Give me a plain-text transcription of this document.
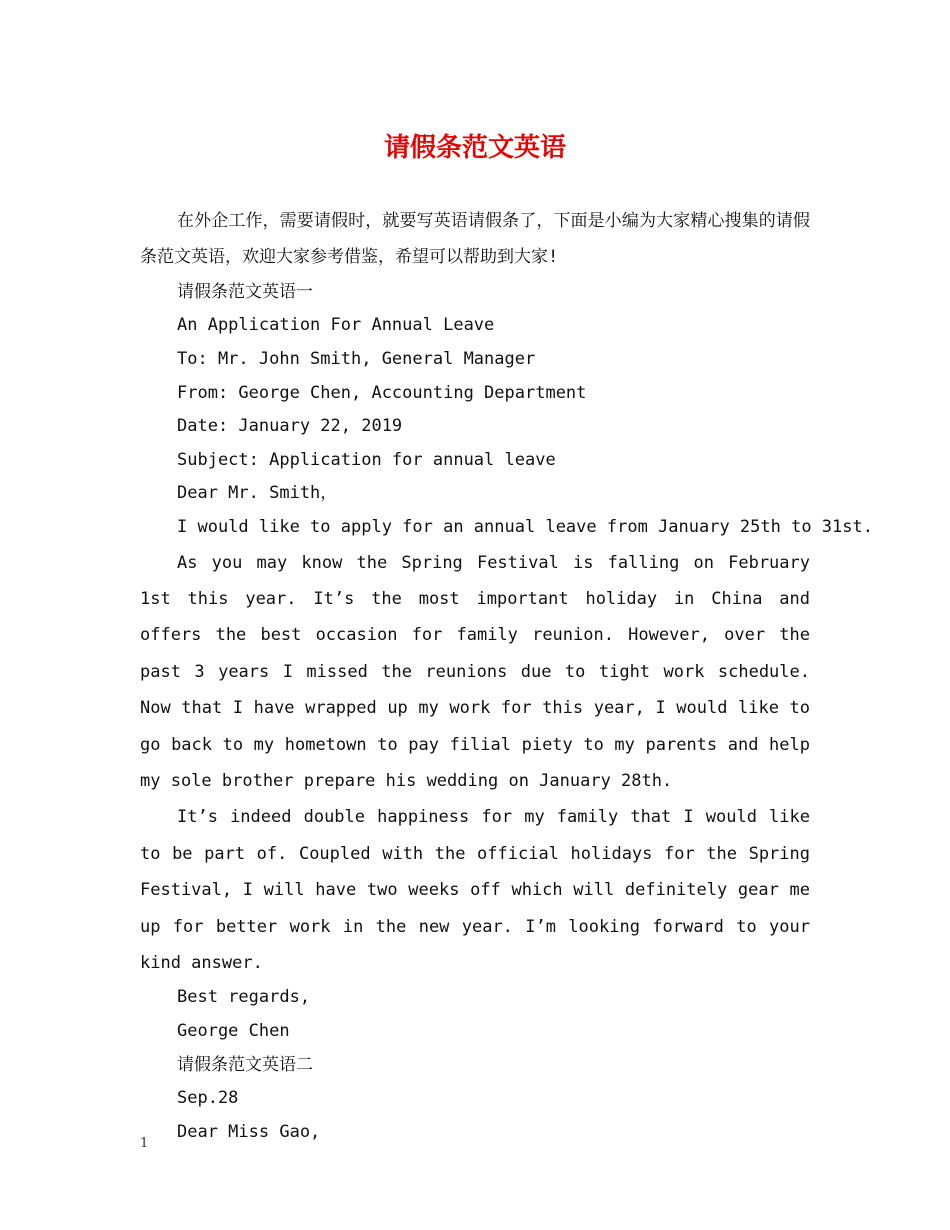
请假条范文英语

在外企工作，需要请假时，就要写英语请假条了，下面是小编为大家精心搜集的请假条范文英语，欢迎大家参考借鉴，希望可以帮助到大家!

请假条范文英语一

An Application For Annual Leave

To: Mr. John Smith, General Manager

From: George Chen, Accounting Department

Date: January 22, 2019

Subject: Application for annual leave

Dear Mr. Smith，

I would like to apply for an annual leave from January 25th to 31st.

As you may know the Spring Festival is falling on February 1st this year. It’s the most important holiday in China and offers the best occasion for family reunion. However, over the past 3 years I missed the reunions due to tight work schedule. Now that I have wrapped up my work for this year, I would like to go back to my hometown to pay filial piety to my parents and help my sole brother prepare his wedding on January 28th.

It’s indeed double happiness for my family that I would like to be part of. Coupled with the official holidays for the Spring Festival, I will have two weeks off which will definitely gear me up for better work in the new year. I’m looking forward to your kind answer.

Best regards,

George Chen

请假条范文英语二

Sep.28

Dear Miss Gao,

1
